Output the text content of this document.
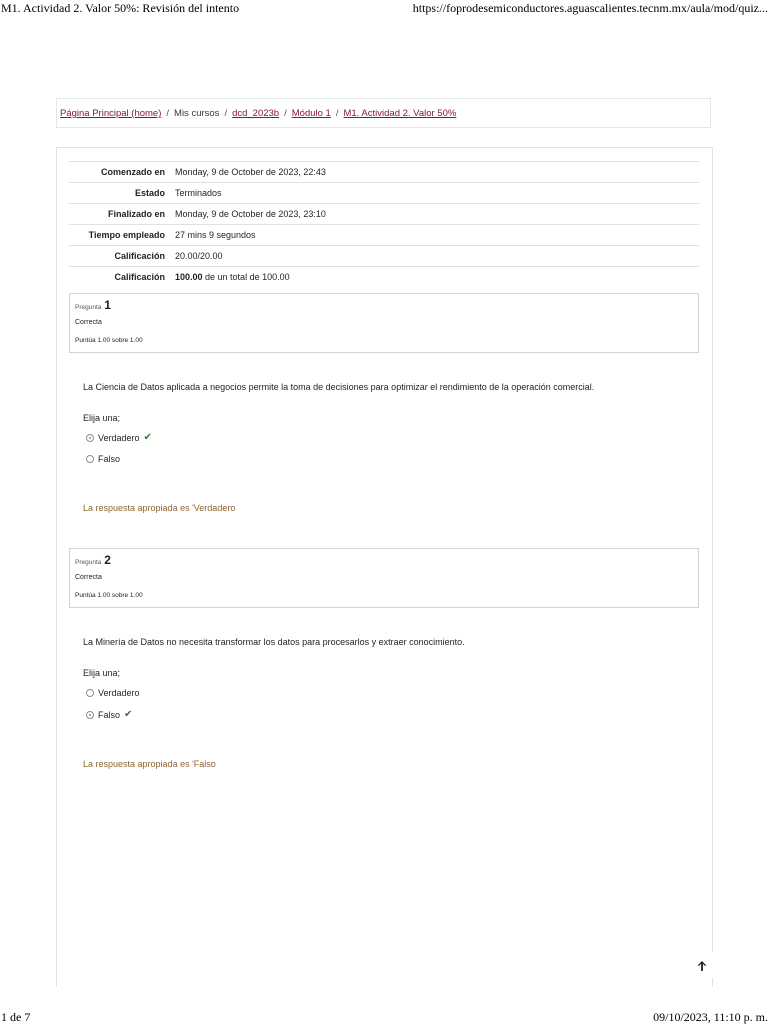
M1. Actividad 2. Valor 50%: Revisión del intento	https://foprodesemiconductores.aguascalientes.tecnm.mx/aula/mod/quiz...
Página Principal (home) / Mis cursos / dcd_2023b / Módulo 1 / M1. Actividad 2. Valor 50%
Comenzado en	Monday, 9 de October de 2023, 22:43
Estado	Terminados
Finalizado en	Monday, 9 de October de 2023, 23:10
Tiempo empleado	27 mins 9 segundos
Calificación	20.00/20.00
Calificación	100.00 de un total de 100.00
Pregunta 1
Correcta
Puntúa 1.00 sobre 1.00
La Ciencia de Datos aplicada a negocios permite la toma de decisiones para optimizar el rendimiento de la operación comercial.
Elija una;
Verdadero ✔
Falso
La respuesta apropiada es 'Verdadero
Pregunta 2
Correcta
Puntúa 1.00 sobre 1.00
La Minería de Datos no necesita transformar los datos para procesarlos y extraer conocimiento.
Elija una;
Verdadero
Falso ✔
La respuesta apropiada es 'Falso
1 de 7	09/10/2023, 11:10 p. m.
